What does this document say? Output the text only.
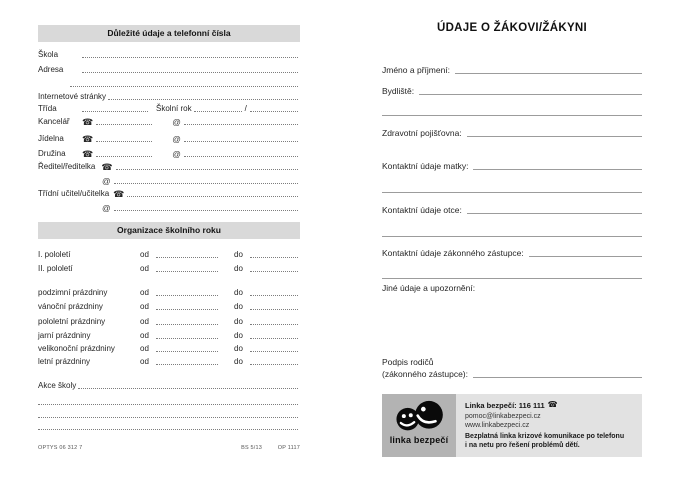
Důležité údaje a telefonní čísla
Škola
Adresa
Internetové stránky
Třída	Školní rok	/
Kancelář	☎	@
Jídelna	☎	@
Družina	☎	@
Ředitel/ředitelka ☎
@
Třídní učitel/učitelka ☎
@
Organizace školního roku
I. pololetí	od	do
II. pololetí	od	do
podzimní prázdniny	od	do
vánoční prázdniny	od	do
pololetní prázdniny	od	do
jarní prázdniny	od	do
velikonoční prázdniny	od	do
letní prázdniny	od	do
Akce školy
OPTYS 06 312 7	BS 5/13	OP 1117
ÚDAJE O ŽÁKOVI/ŽÁKYNI
Jméno a příjmení:
Bydliště:
Zdravotní pojišťovna:
Kontaktní údaje matky:
Kontaktní údaje otce:
Kontaktní údaje zákonného zástupce:
Jiné údaje a upozornění:
Podpis rodičů
(zákonného zástupce):
linka bezpečí
Linka bezpečí: 116 111 ☎
pomoc@linkabezpeci.cz
www.linkabezpeci.cz
Bezplatná linka krizové komunikace po telefonu
i na netu pro řešení problémů dětí.
